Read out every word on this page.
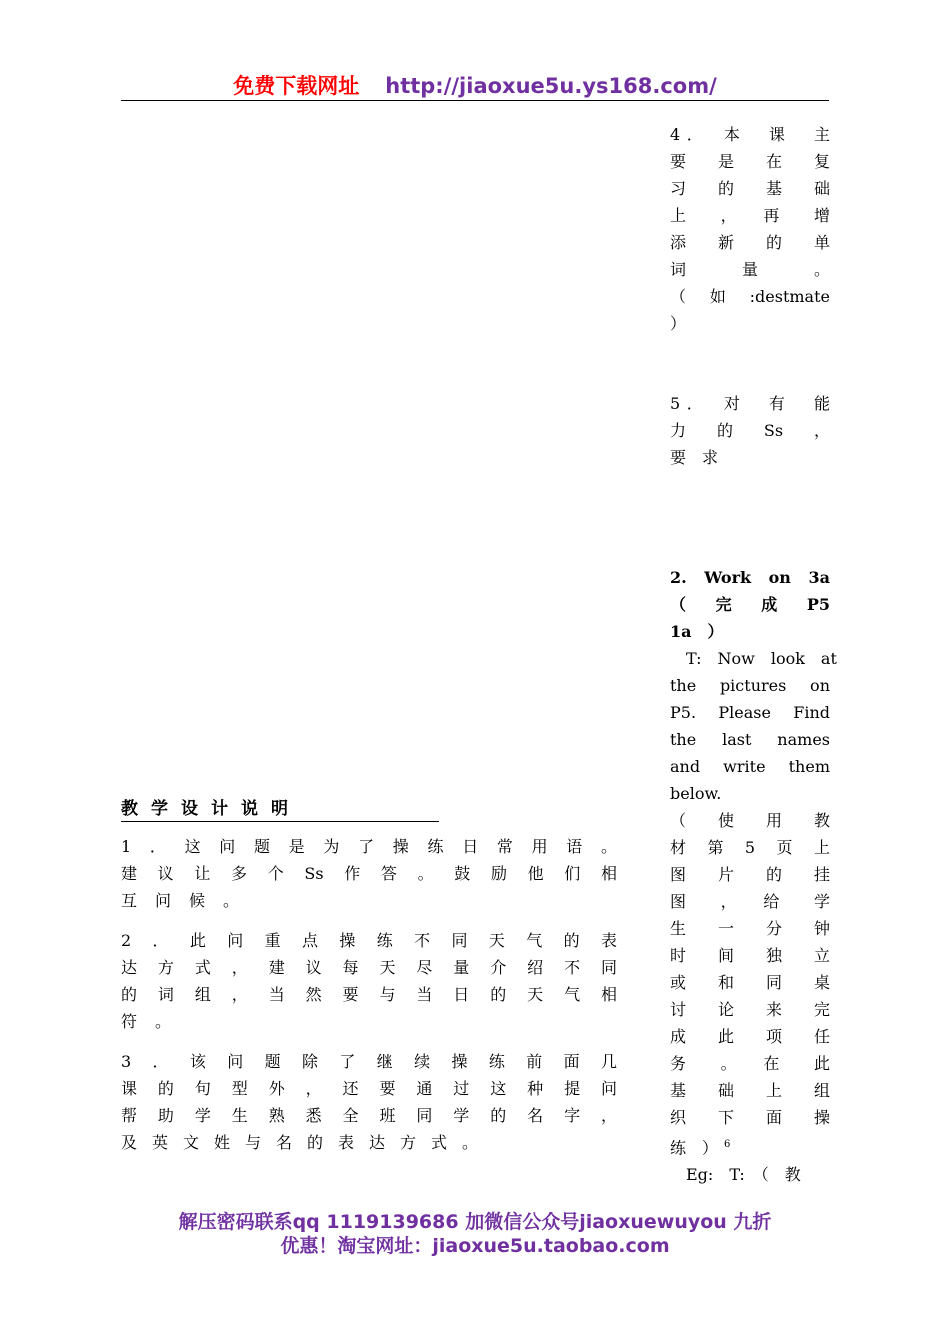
免费下载网址 http://jiaoxue5u.ys168.com/
4．　本　课　主
要　是　在　复
习　的　基　础
上　，　再　增
添　新　的　单
词　　量　　。
（　如　:destmate
）
5．　对　有　能
力　的　Ss　，
要　求
2.　Work　on　3a
（　完　成　P5
1a　）
　T:　Now　look　at
the　pictures　on
P5.　Please　Find
the　last　names
and　write　them
below.
（　使　用　教
材　第　5　页　上
图　片　的　挂
图　，　给　学
生　一　分　钟
时　间　独　立
或　和　同　桌
讨　论　来　完
成　此　项　任
务　。　在　此
基　础　上　组
织　下　面　操
练　） $^6$
　Eg:　T:　（　教
教学设计说明
1．这问题是为了操练日常用语。
建议让多个Ss作答。鼓励他们相
互问候。
2．此问重点操练不同天气的表
达方式，建议每天尽量介绍不同
的词组，当然要与当日的天气相
符。
3．该问题除了继续操练前面几
课的句型外，还要通过这种提问
帮助学生熟悉全班同学的名字，
及英文姓与名的表达方式。
解压密码联系qq 1119139686 加微信公众号jiaoxuewuyou 九折
优惠！淘宝网址：jiaoxue5u.taobao.com
